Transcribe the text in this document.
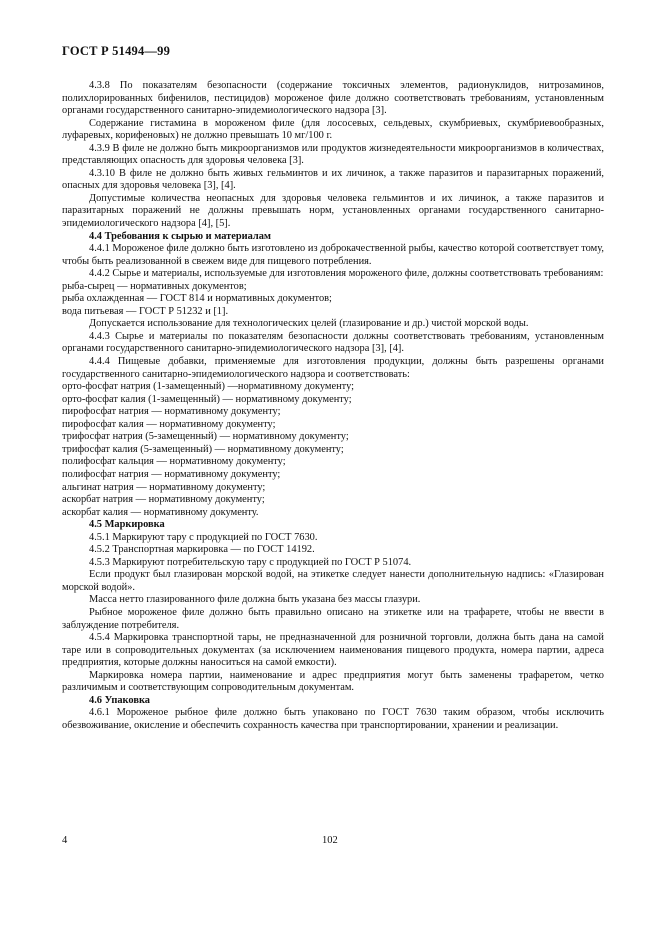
ГОСТ Р 51494—99

4.3.8 По показателям безопасности (содержание токсичных элементов, радионуклидов, нитрозаминов, полихлорированных бифенилов, пестицидов) мороженое филе должно соответствовать требованиям, установленным органами государственного санитарно-эпидемиологического надзора [3].

Содержание гистамина в мороженом филе (для лососевых, сельдевых, скумбриевых, скумбриевообразных, луфаревых, корифеновых) не должно превышать 10 мг/100 г.

4.3.9 В филе не должно быть микроорганизмов или продуктов жизнедеятельности микроорганизмов в количествах, представляющих опасность для здоровья человека [3].

4.3.10 В филе не должно быть живых гельминтов и их личинок, а также паразитов и паразитарных поражений, опасных для здоровья человека [3], [4].

Допустимые количества неопасных для здоровья человека гельминтов и их личинок, а также паразитов и паразитарных поражений не должны превышать норм, установленных органами государственного санитарно-эпидемиологического надзора [4], [5].

4.4 Требования к сырью и материалам

4.4.1 Мороженое филе должно быть изготовлено из доброкачественной рыбы, качество которой соответствует тому, чтобы быть реализованной в свежем виде для пищевого потребления.

4.4.2 Сырье и материалы, используемые для изготовления мороженого филе, должны соответствовать требованиям:

рыба-сырец — нормативных документов;

рыба охлажденная — ГОСТ 814 и нормативных документов;

вода питьевая — ГОСТ Р 51232 и [1].

Допускается использование для технологических целей (глазирование и др.) чистой морской воды.

4.4.3 Сырье и материалы по показателям безопасности должны соответствовать требованиям, установленным органами государственного санитарно-эпидемиологического надзора [3], [4].

4.4.4 Пищевые добавки, применяемые для изготовления продукции, должны быть разрешены органами государственного санитарно-эпидемиологического надзора и соответствовать:

орто-фосфат натрия (1-замещенный) —нормативному документу;

орто-фосфат калия (1-замещенный) — нормативному документу;

пирофосфат натрия — нормативному документу;

пирофосфат калия — нормативному документу;

трифосфат натрия (5-замещенный) — нормативному документу;

трифосфат калия (5-замещенный) — нормативному документу;

полифосфат кальция — нормативному документу;

полифосфат натрия — нормативному документу;

альгинат натрия — нормативному документу;

аскорбат натрия — нормативному документу;

аскорбат калия — нормативному документу.

4.5 Маркировка

4.5.1 Маркируют тару с продукцией по ГОСТ 7630.

4.5.2 Транспортная маркировка — по ГОСТ 14192.

4.5.3 Маркируют потребительскую тару с продукцией по ГОСТ Р 51074.

Если продукт был глазирован морской водой, на этикетке следует нанести дополнительную надпись: «Глазирован морской водой».

Масса нетто глазированного филе должна быть указана без массы глазури.

Рыбное мороженое филе должно быть правильно описано на этикетке или на трафарете, чтобы не ввести в заблуждение потребителя.

4.5.4 Маркировка транспортной тары, не предназначенной для розничной торговли, должна быть дана на самой таре или в сопроводительных документах (за исключением наименования пищевого продукта, номера партии, адреса предприятия, которые должны наноситься на самой емкости).

Маркировка номера партии, наименование и адрес предприятия могут быть заменены трафаретом, четко различимым и соответствующим сопроводительным документам.

4.6 Упаковка

4.6.1 Мороженое рыбное филе должно быть упаковано по ГОСТ 7630 таким образом, чтобы исключить обезвоживание, окисление и обеспечить сохранность качества при транспортировании, хранении и реализации.

4	102
